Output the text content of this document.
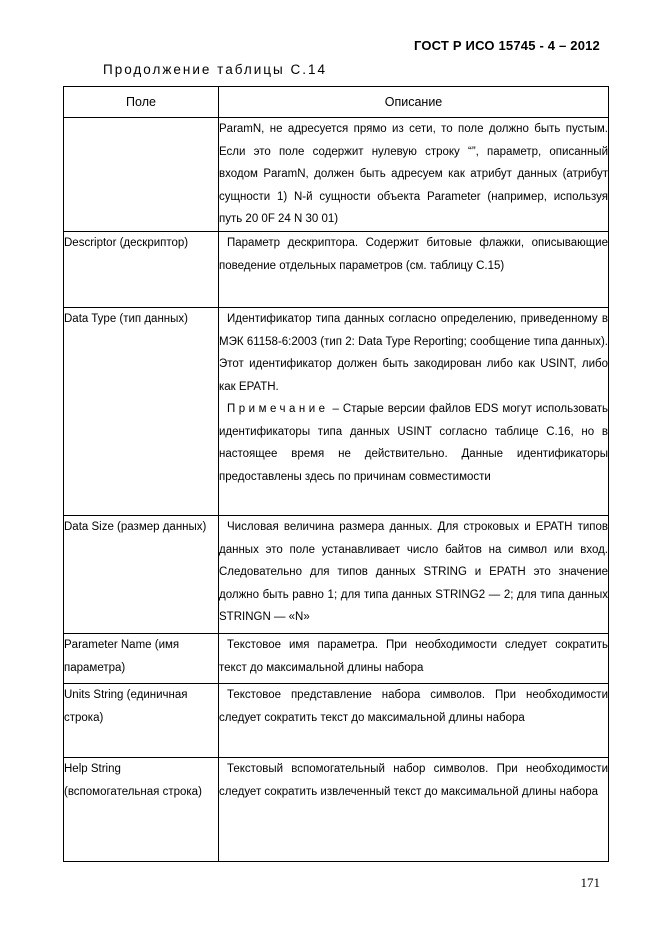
ГОСТ Р ИСО 15745 - 4 – 2012
Продолжение таблицы С.14
Поле	Описание

	ParamN, не адресуется прямо из сети, то поле должно быть пустым. Если это поле содержит нулевую строку “”, параметр, описанный входом ParamN, должен быть адресуем как атрибут данных (атрибут сущности 1) N-й сущности объекта Parameter (например, используя путь 20 0F 24 N 30 01)

Descriptor (дескриптор)	Параметр дескриптора. Содержит битовые флажки, описывающие поведение отдельных параметров (см. таблицу С.15)

Data Type (тип данных)	Идентификатор типа данных согласно определению, приведенному в МЭК 61158-6:2003 (тип 2: Data Type Reporting; сообщение типа данных). Этот идентификатор должен быть закодирован либо как USINT, либо как EPATH.
Примечание – Старые версии файлов EDS могут использовать идентификаторы типа данных USINT согласно таблице С.16, но в настоящее время не действительно. Данные идентификаторы предоставлены здесь по причинам совместимости

Data Size (размер данных)	Числовая величина размера данных. Для строковых и EPATH типов данных это поле устанавливает число байтов на символ или вход. Следовательно для типов данных STRING и EPATH это значение должно быть равно 1; для типа данных STRING2 — 2; для типа данных STRINGN — «N»

Parameter Name (имя параметра)	Текстовое имя параметра. При необходимости следует сократить текст до максимальной длины набора

Units String (единичная строка)	Текстовое представление набора символов. При необходимости следует сократить текст до максимальной длины набора

Help String (вспомогательная строка)	Текстовый вспомогательный набор символов. При необходимости следует сократить извлеченный текст до максимальной длины набора
171
